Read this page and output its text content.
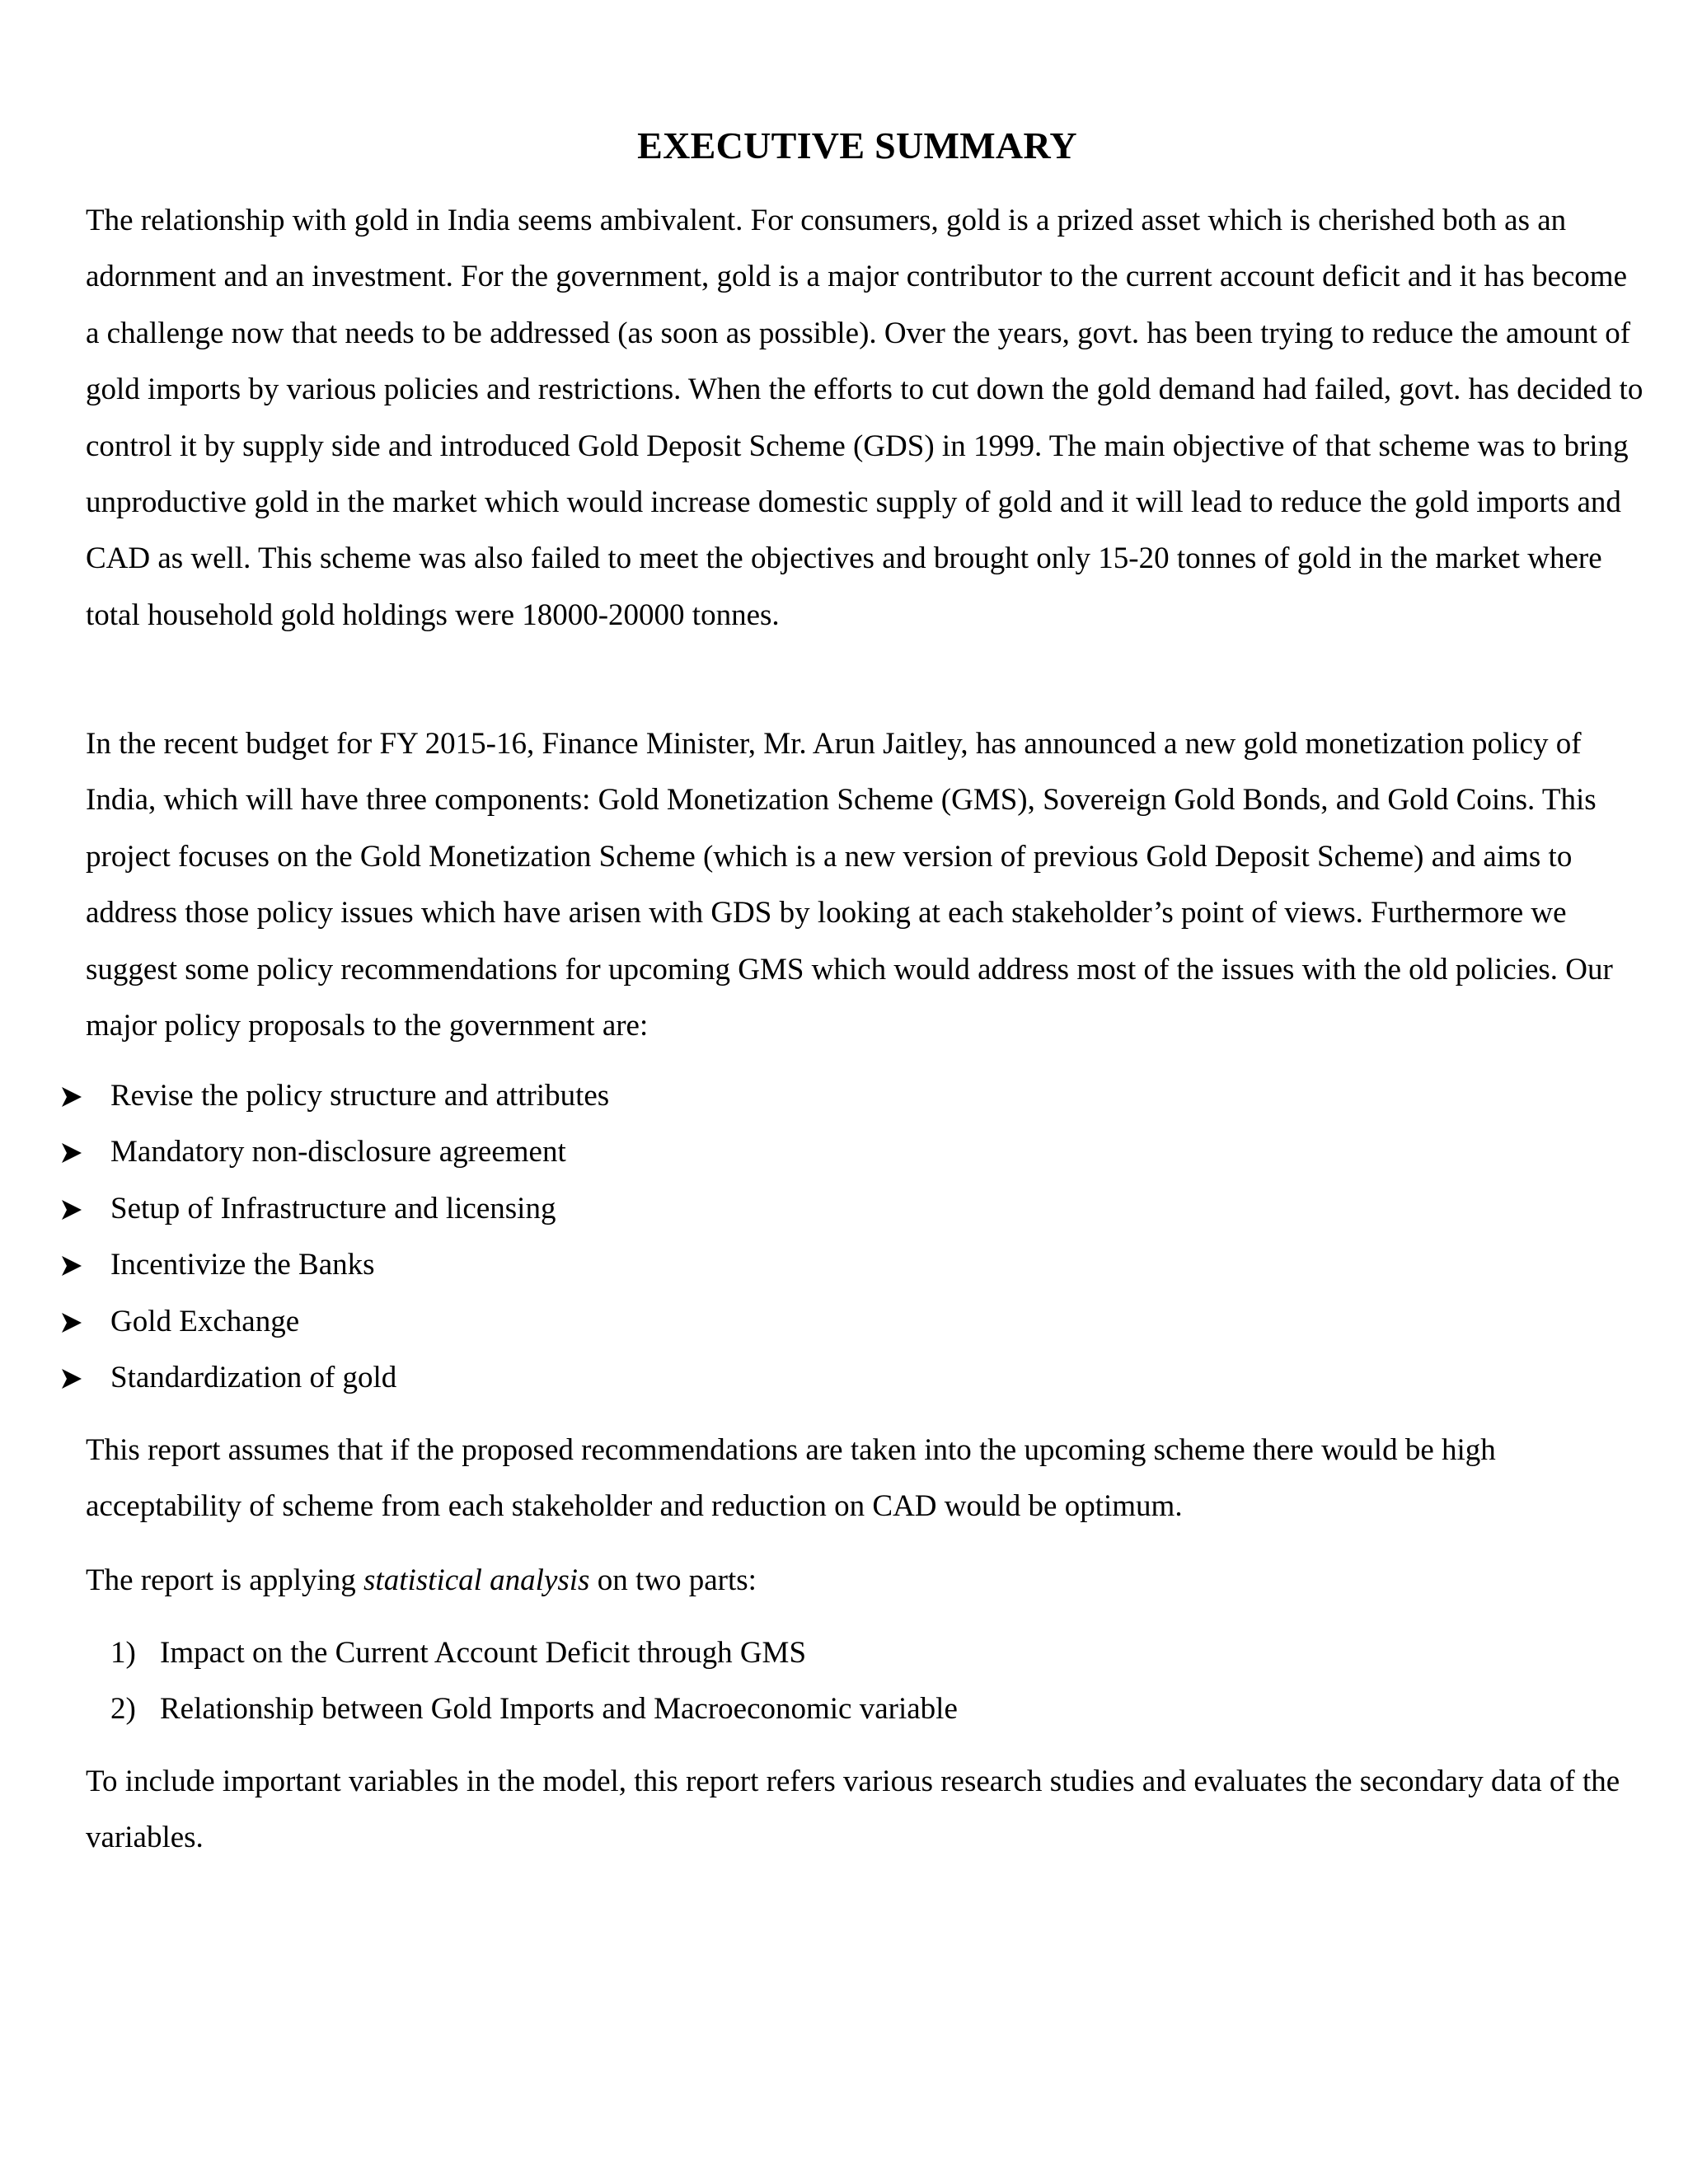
EXECUTIVE SUMMARY

The relationship with gold in India seems ambivalent. For consumers, gold is a prized asset which is cherished both as an adornment and an investment. For the government, gold is a major contributor to the current account deficit and it has become a challenge now that needs to be addressed (as soon as possible). Over the years, govt. has been trying to reduce the amount of gold imports by various policies and restrictions. When the efforts to cut down the gold demand had failed, govt. has decided to control it by supply side and introduced Gold Deposit Scheme (GDS) in 1999. The main objective of that scheme was to bring unproductive gold in the market which would increase domestic supply of gold and it will lead to reduce the gold imports and CAD as well. This scheme was also failed to meet the objectives and brought only 15-20 tonnes of gold in the market where total household gold holdings were 18000-20000 tonnes.

In the recent budget for FY 2015-16, Finance Minister, Mr. Arun Jaitley, has announced a new gold monetization policy of India, which will have three components: Gold Monetization Scheme (GMS), Sovereign Gold Bonds, and Gold Coins. This project focuses on the Gold Monetization Scheme (which is a new version of previous Gold Deposit Scheme) and aims to address those policy issues which have arisen with GDS by looking at each stakeholder’s point of views. Furthermore we suggest some policy recommendations for upcoming GMS which would address most of the issues with the old policies. Our major policy proposals to the government are:

Revise the policy structure and attributes
Mandatory non-disclosure agreement
Setup of Infrastructure and licensing
Incentivize the Banks
Gold Exchange
Standardization of gold

This report assumes that if the proposed recommendations are taken into the upcoming scheme there would be high acceptability of scheme from each stakeholder and reduction on CAD would be optimum.

The report is applying statistical analysis on two parts:

1) Impact on the Current Account Deficit through GMS
2) Relationship between Gold Imports and Macroeconomic variable

To include important variables in the model, this report refers various research studies and evaluates the secondary data of the variables.
